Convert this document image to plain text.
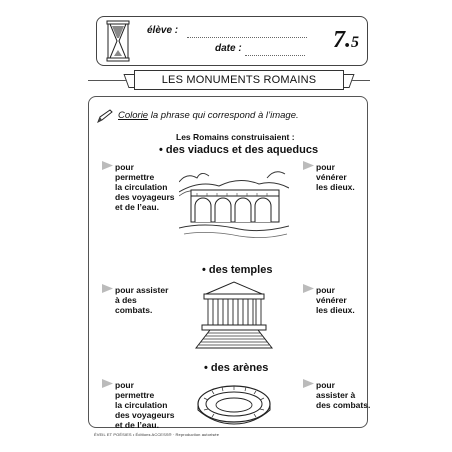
élève :
date :	7.5
LES MONUMENTS ROMAINS
Colorie la phrase qui correspond à l’image.
Les Romains construisaient :
• des viaducs et des aqueducs
pour
permettre
la circulation
des voyageurs
et de l’eau.
pour
vénérer
les dieux.
• des temples
pour assister
à des
combats.
pour
vénérer
les dieux.
• des arènes
pour
permettre
la circulation
des voyageurs
et de l’eau.
pour
assister à
des combats.
ÉVEIL ET POÉSIES • Éditions ACCESS® · Reproduction autorisée
